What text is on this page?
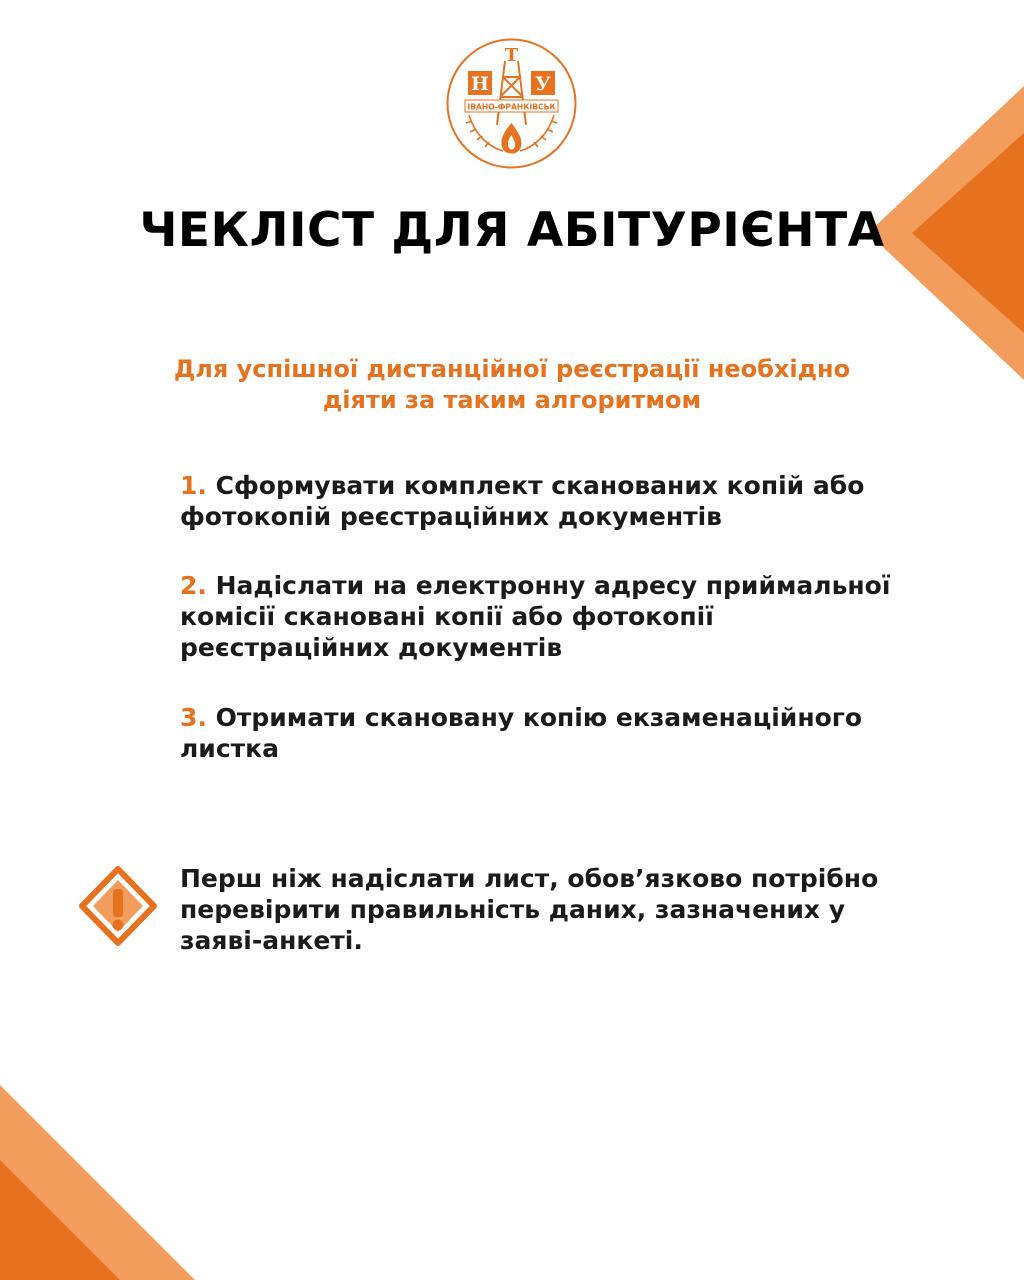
Т
Н У
ІВАНО-ФРАНКІВСЬК
ЧЕКЛІСТ ДЛЯ АБІТУРІЄНТА

Для успішної дистанційної реєстрації необхідно діяти за таким алгоритмом

1. Сформувати комплект сканованих копій або фотокопій реєстраційних документів

2. Надіслати на електронну адресу приймальної комісії скановані копії або фотокопії реєстраційних документів

3. Отримати скановану копію екзаменаційного листка

Перш ніж надіслати лист, обов’язково потрібно перевірити правильність даних, зазначених у заяві-анкеті.
